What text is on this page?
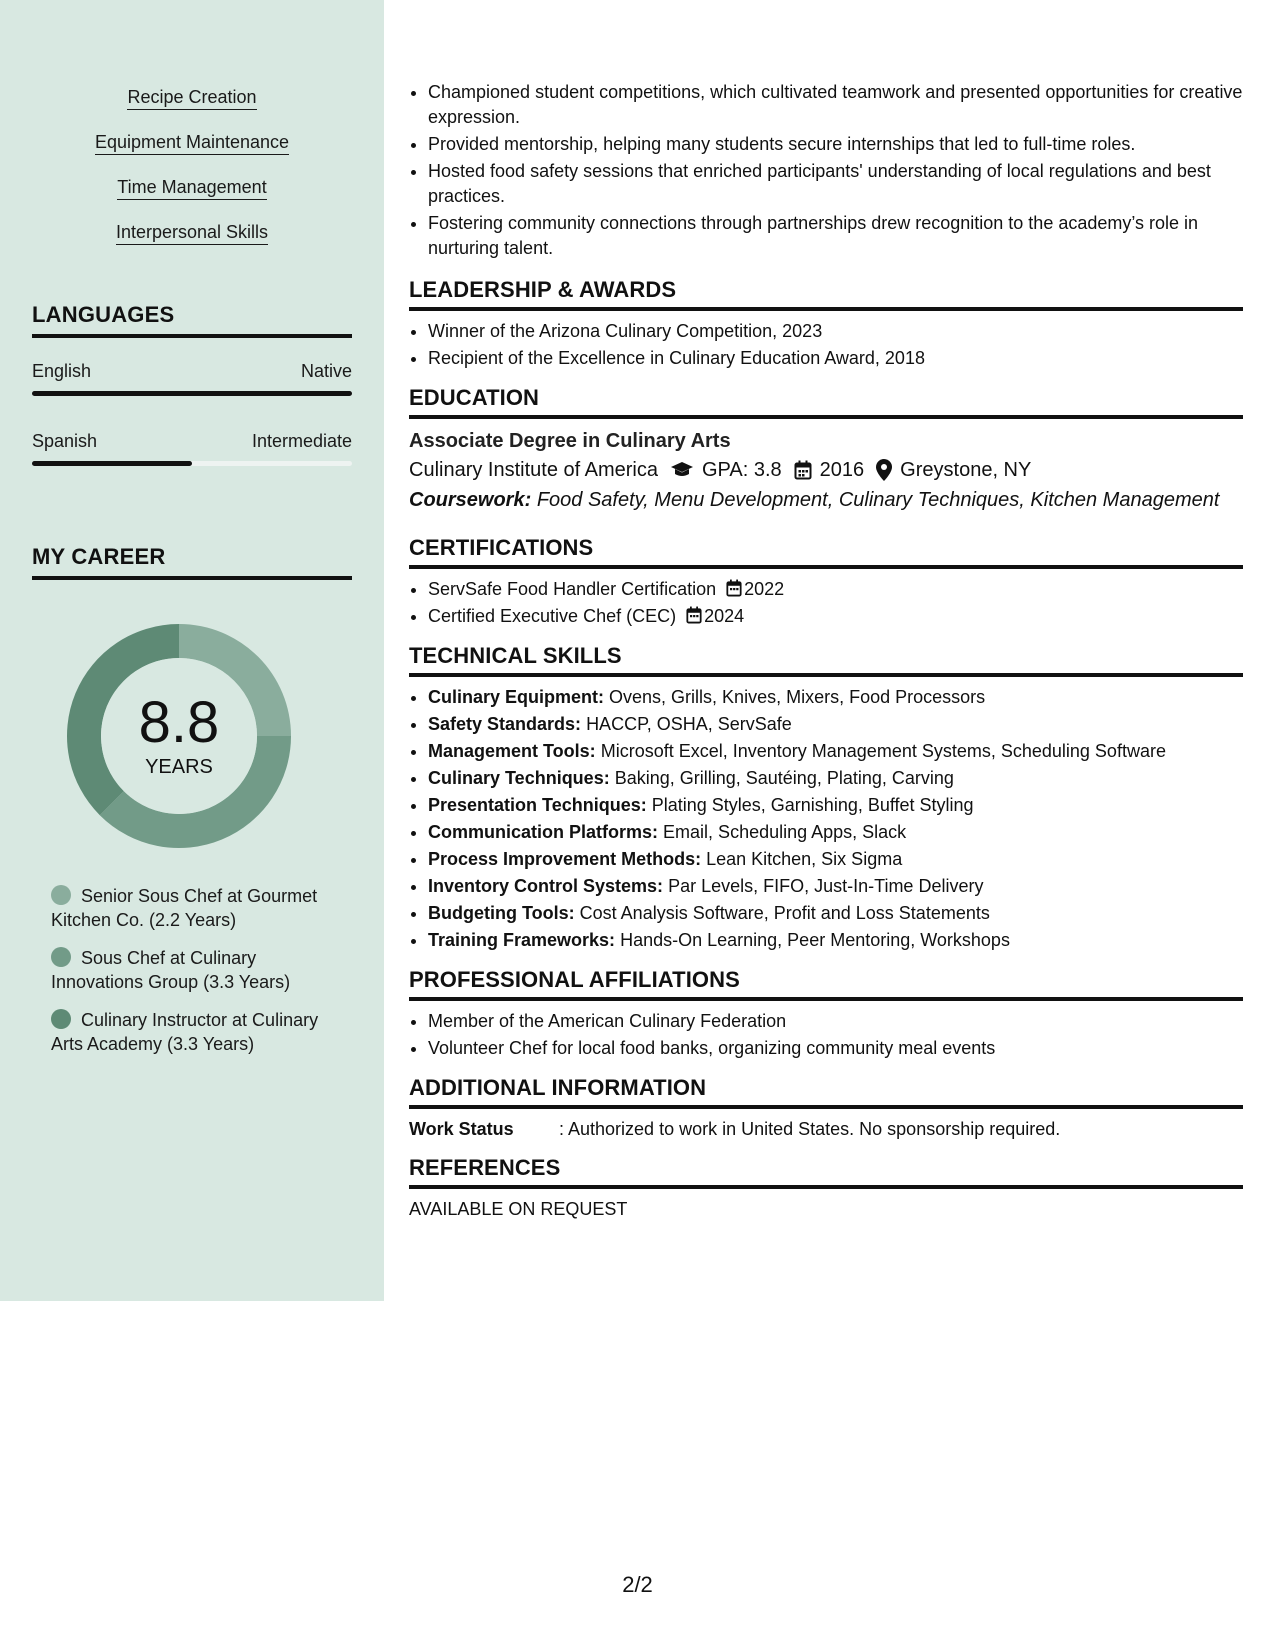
Recipe Creation
Equipment Maintenance
Time Management
Interpersonal Skills
LANGUAGES
English	Native
Spanish	Intermediate
MY CAREER
8.8
YEARS
Senior Sous Chef at Gourmet Kitchen Co. (2.2 Years)
Sous Chef at Culinary Innovations Group (3.3 Years)
Culinary Instructor at Culinary Arts Academy (3.3 Years)
• Championed student competitions, which cultivated teamwork and presented opportunities for creative expression.
• Provided mentorship, helping many students secure internships that led to full-time roles.
• Hosted food safety sessions that enriched participants' understanding of local regulations and best practices.
• Fostering community connections through partnerships drew recognition to the academy’s role in nurturing talent.
LEADERSHIP & AWARDS
• Winner of the Arizona Culinary Competition, 2023
• Recipient of the Excellence in Culinary Education Award, 2018
EDUCATION
Associate Degree in Culinary Arts
Culinary Institute of America GPA: 3.8 2016 Greystone, NY
Coursework: Food Safety, Menu Development, Culinary Techniques, Kitchen Management
CERTIFICATIONS
• ServSafe Food Handler Certification 2022
• Certified Executive Chef (CEC) 2024
TECHNICAL SKILLS
• Culinary Equipment: Ovens, Grills, Knives, Mixers, Food Processors
• Safety Standards: HACCP, OSHA, ServSafe
• Management Tools: Microsoft Excel, Inventory Management Systems, Scheduling Software
• Culinary Techniques: Baking, Grilling, Sautéing, Plating, Carving
• Presentation Techniques: Plating Styles, Garnishing, Buffet Styling
• Communication Platforms: Email, Scheduling Apps, Slack
• Process Improvement Methods: Lean Kitchen, Six Sigma
• Inventory Control Systems: Par Levels, FIFO, Just-In-Time Delivery
• Budgeting Tools: Cost Analysis Software, Profit and Loss Statements
• Training Frameworks: Hands-On Learning, Peer Mentoring, Workshops
PROFESSIONAL AFFILIATIONS
• Member of the American Culinary Federation
• Volunteer Chef for local food banks, organizing community meal events
ADDITIONAL INFORMATION
Work Status	: Authorized to work in United States. No sponsorship required.
REFERENCES
AVAILABLE ON REQUEST
2/2
